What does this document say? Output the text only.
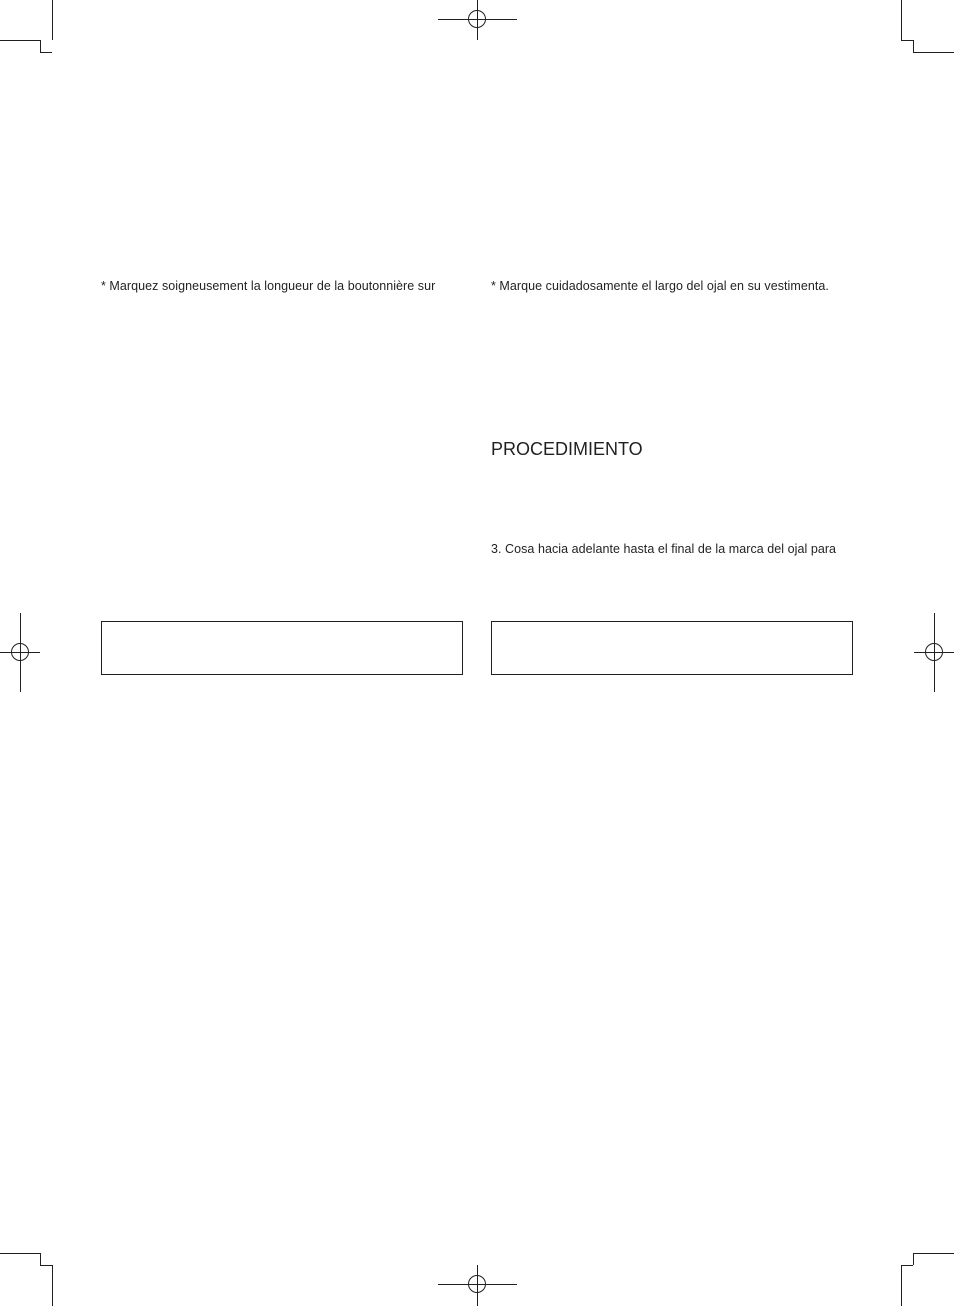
* Marquez soigneusement la longueur de la boutonnière sur	* Marque cuidadosamente el largo del ojal en su vestimenta.
PROCEDIMIENTO
3. Cosa hacia adelante hasta el final de la marca del ojal para
